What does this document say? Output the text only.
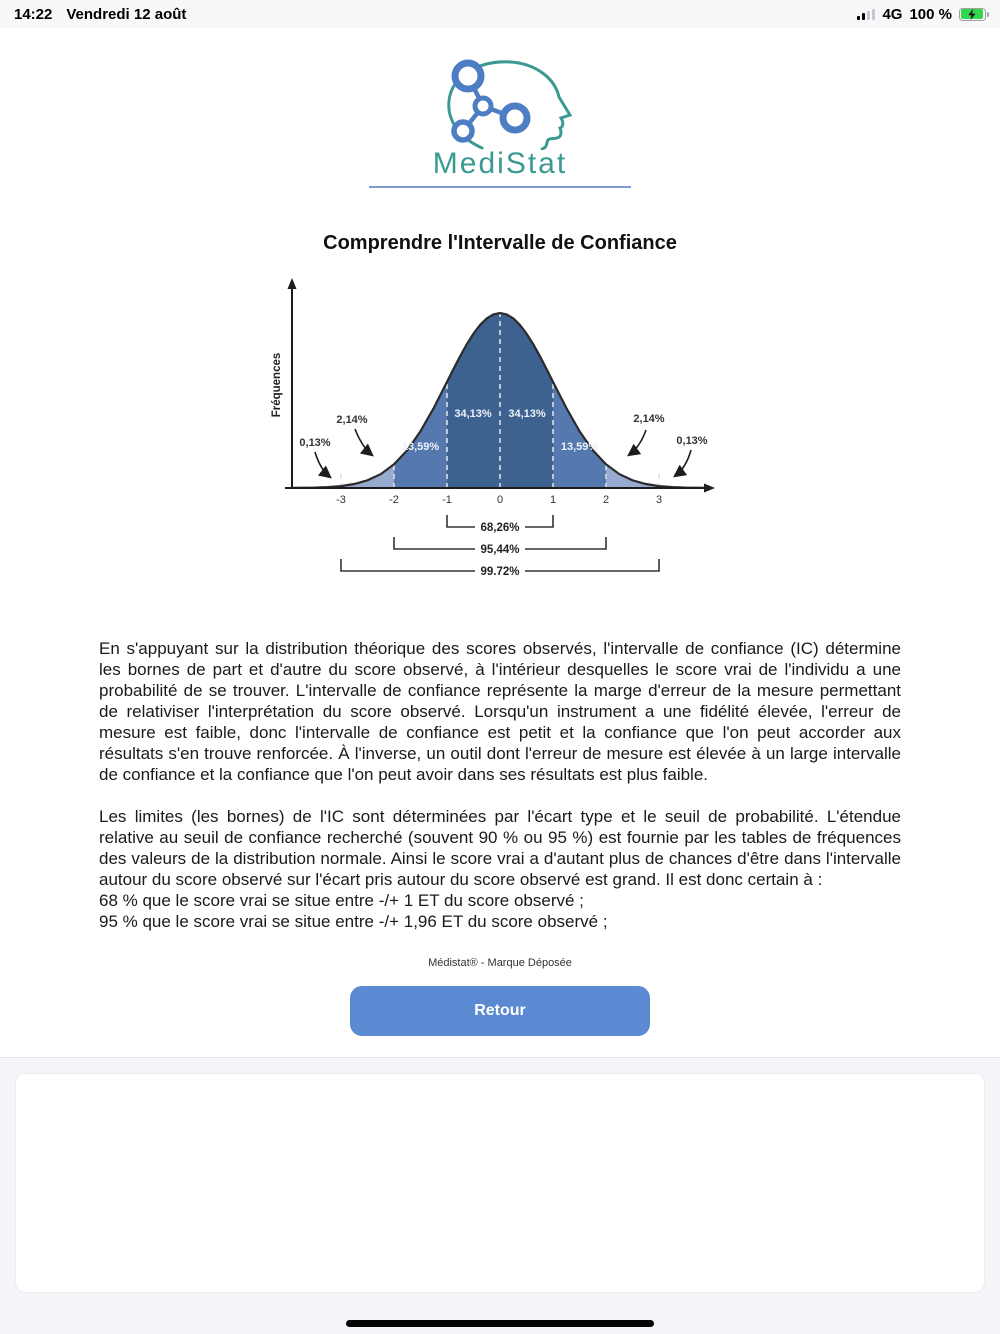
14:22 Vendredi 12 août	4G 100 %
MediStat
Comprendre l'Intervalle de Confiance
Fréquences	34,13% 34,13%
13,59%	13,59%
2,14%	2,14%
0,13%	0,13%
-3	-2	-1	0	1	2	3
68,26%
95,44%
99.72%
En s'appuyant sur la distribution théorique des scores observés, l'intervalle de confiance (IC) détermine les bornes de part et d'autre du score observé, à l'intérieur desquelles le score vrai de l'individu a une probabilité de se trouver. L'intervalle de confiance représente la marge d'erreur de la mesure permettant de relativiser l'interprétation du score observé. Lorsqu'un instrument a une fidélité élevée, l'erreur de mesure est faible, donc l'intervalle de confiance est petit et la confiance que l'on peut accorder aux résultats s'en trouve renforcée. À l'inverse, un outil dont l'erreur de mesure est élevée à un large intervalle de confiance et la confiance que l'on peut avoir dans ses résultats est plus faible.
Les limites (les bornes) de l'IC sont déterminées par l'écart type et le seuil de probabilité. L'étendue relative au seuil de confiance recherché (souvent 90 % ou 95 %) est fournie par les tables de fréquences des valeurs de la distribution normale. Ainsi le score vrai a d'autant plus de chances d'être dans l'intervalle autour du score observé sur l'écart pris autour du score observé est grand. Il est donc certain à :
68 % que le score vrai se situe entre -/+ 1 ET du score observé ;
95 % que le score vrai se situe entre -/+ 1,96 ET du score observé ;
Médistat® - Marque Déposée
Retour
